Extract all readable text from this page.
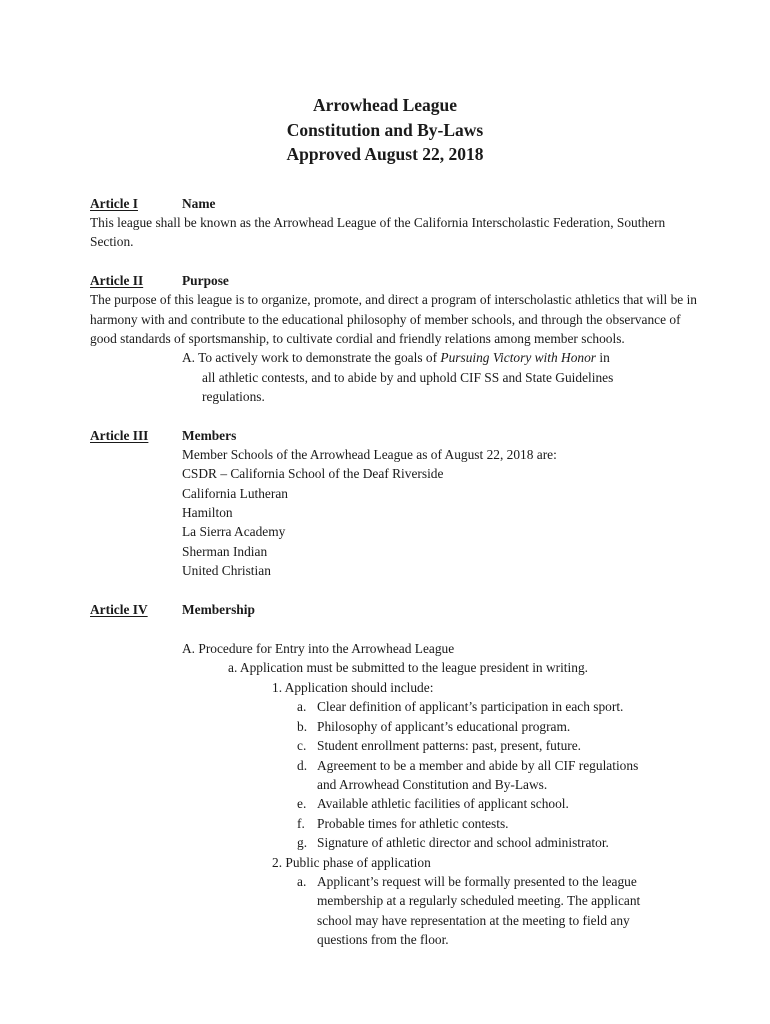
Arrowhead League
Constitution and By-Laws
Approved August 22, 2018
Article I	Name
This league shall be known as the Arrowhead League of the California Interscholastic Federation, Southern
Section.
Article II	Purpose
The purpose of this league is to organize, promote, and direct a program of interscholastic athletics that will be in
harmony with and contribute to the educational philosophy of member schools, and through the observance of
good standards of sportsmanship, to cultivate cordial and friendly relations among member schools.
A. To actively work to demonstrate the goals of Pursuing Victory with Honor in
all athletic contests, and to abide by and uphold CIF SS and State Guidelines
regulations.
Article III	Members
Member Schools of the Arrowhead League as of August 22, 2018 are:
CSDR – California School of the Deaf Riverside
California Lutheran
Hamilton
La Sierra Academy
Sherman Indian
United Christian
Article IV	Membership
A. Procedure for Entry into the Arrowhead League
a. Application must be submitted to the league president in writing.
1. Application should include:
a. Clear definition of applicant’s participation in each sport.
b. Philosophy of applicant’s educational program.
c. Student enrollment patterns: past, present, future.
d. Agreement to be a member and abide by all CIF regulations
and Arrowhead Constitution and By-Laws.
e. Available athletic facilities of applicant school.
f. Probable times for athletic contests.
g. Signature of athletic director and school administrator.
2. Public phase of application
a. Applicant’s request will be formally presented to the league
membership at a regularly scheduled meeting. The applicant
school may have representation at the meeting to field any
questions from the floor.
